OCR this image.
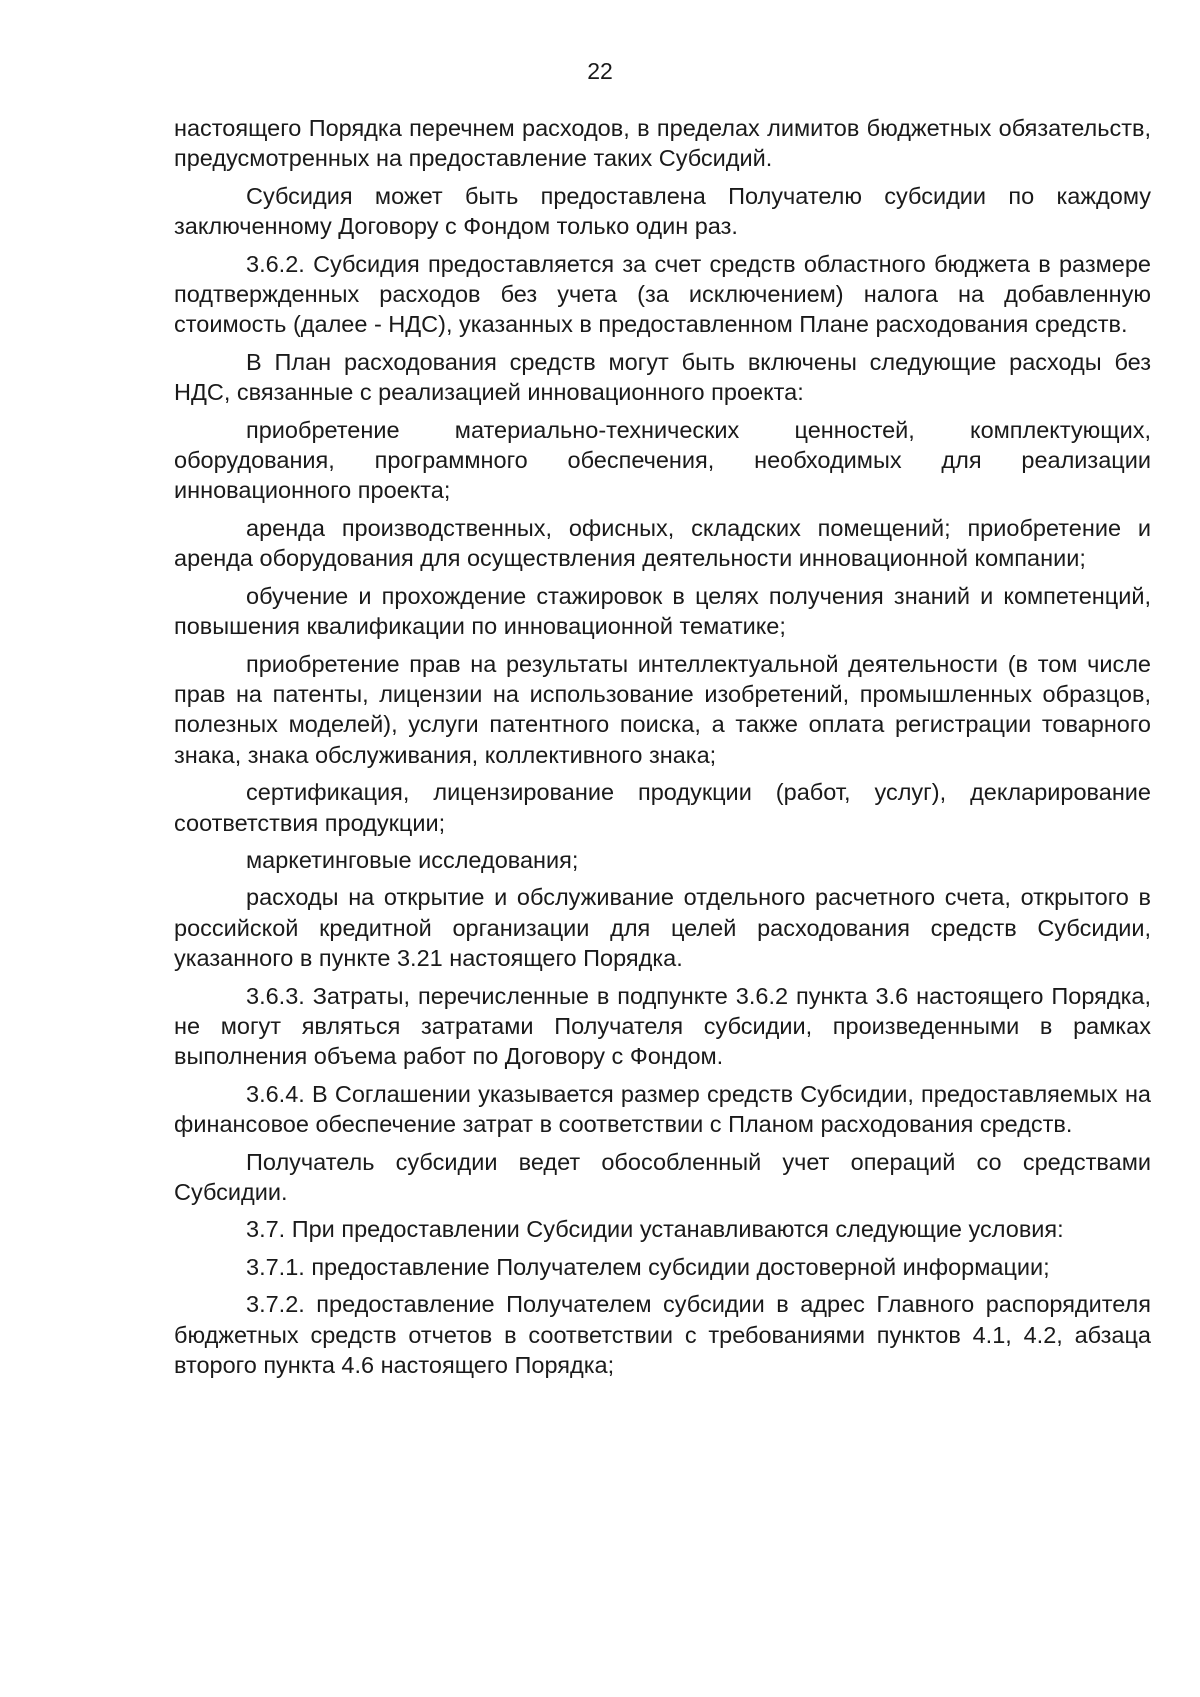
22

настоящего Порядка перечнем расходов, в пределах лимитов бюджетных обязательств, предусмотренных на предоставление таких Субсидий.

Субсидия может быть предоставлена Получателю субсидии по каждому заключенному Договору с Фондом только один раз.

3.6.2. Субсидия предоставляется за счет средств областного бюджета в размере подтвержденных расходов без учета (за исключением) налога на добавленную стоимость (далее - НДС), указанных в предоставленном Плане расходования средств.

В План расходования средств могут быть включены следующие расходы без НДС, связанные с реализацией инновационного проекта:

приобретение материально-технических ценностей, комплектующих, оборудования, программного обеспечения, необходимых для реализации инновационного проекта;

аренда производственных, офисных, складских помещений; приобретение и аренда оборудования для осуществления деятельности инновационной компании;

обучение и прохождение стажировок в целях получения знаний и компетенций, повышения квалификации по инновационной тематике;

приобретение прав на результаты интеллектуальной деятельности (в том числе прав на патенты, лицензии на использование изобретений, промышленных образцов, полезных моделей), услуги патентного поиска, а также оплата регистрации товарного знака, знака обслуживания, коллективного знака;

сертификация, лицензирование продукции (работ, услуг), декларирование соответствия продукции;

маркетинговые исследования;

расходы на открытие и обслуживание отдельного расчетного счета, открытого в российской кредитной организации для целей расходования средств Субсидии, указанного в пункте 3.21 настоящего Порядка.

3.6.3. Затраты, перечисленные в подпункте 3.6.2 пункта 3.6 настоящего Порядка, не могут являться затратами Получателя субсидии, произведенными в рамках выполнения объема работ по Договору с Фондом.

3.6.4. В Соглашении указывается размер средств Субсидии, предоставляемых на финансовое обеспечение затрат в соответствии с Планом расходования средств.

Получатель субсидии ведет обособленный учет операций со средствами Субсидии.

3.7. При предоставлении Субсидии устанавливаются следующие условия:

3.7.1. предоставление Получателем субсидии достоверной информации;

3.7.2. предоставление Получателем субсидии в адрес Главного распорядителя бюджетных средств отчетов в соответствии с требованиями пунктов 4.1, 4.2, абзаца второго пункта 4.6 настоящего Порядка;
